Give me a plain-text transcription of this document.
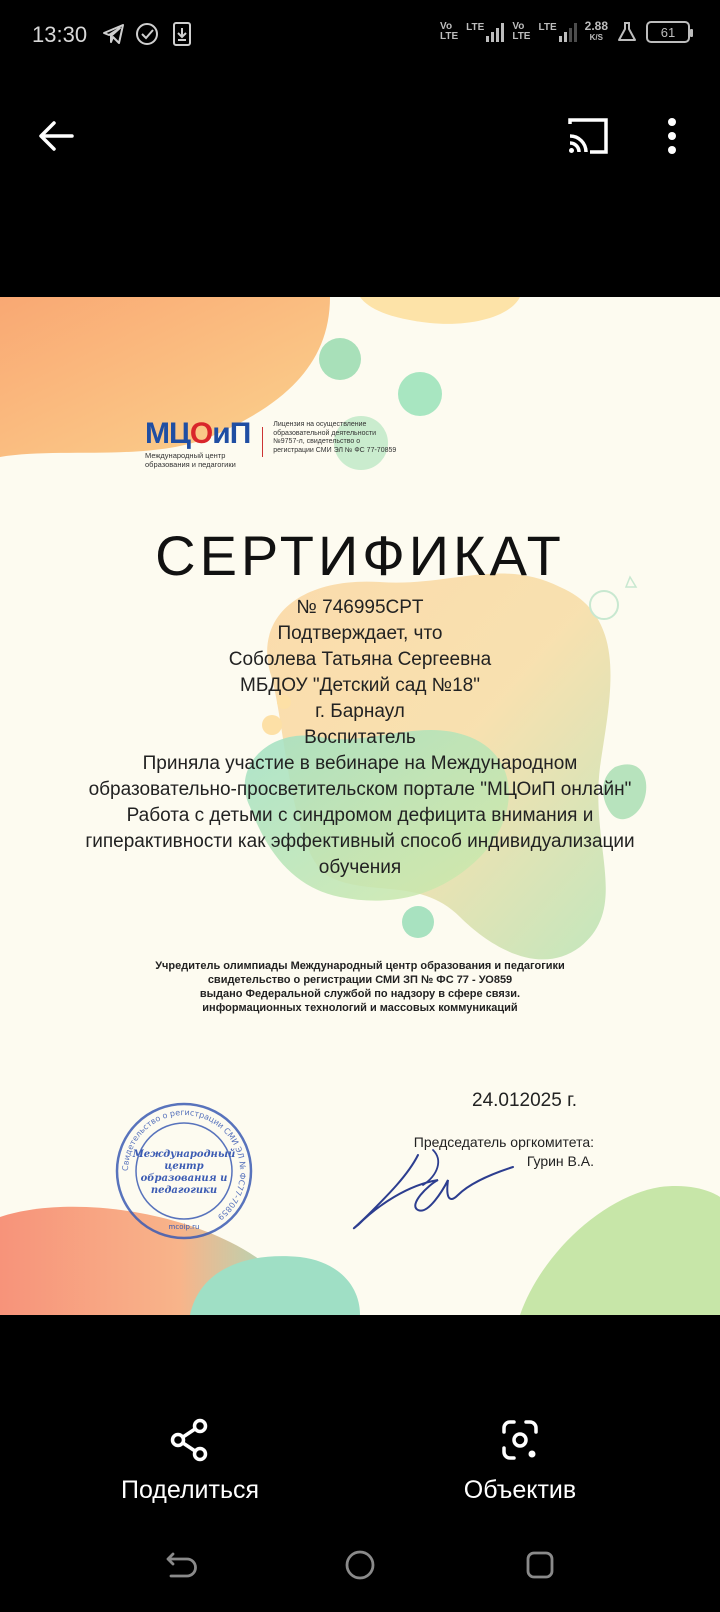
13:30	Vo
LTE
LTE	Vo
LTE
LTE 2.88
K/S	61
МЦОиП
Международный центр
образования и педагогики
Лицензия на осуществление образовательной деятельности №9757-л, свидетельство о регистрации СМИ ЭЛ № ФС 77-70859
СЕРТИФИКАТ
№ 746995CPT
Подтверждает, что
Соболева Татьяна Сергеевна
МБДОУ "Детский сад №18"
г. Барнаул
Воспитатель
Приняла участие в вебинаре на Международном
образовательно-просветительском портале "МЦОиП онлайн"
Работа с детьми с синдромом дефицита внимания и
гиперактивности как эффективный способ индивидуализации
обучения
Учредитель олимпиады Международный центр образования и педагогики
свидетельство о регистрации СМИ ЗП № ФС 77 - УО859
выдано Федеральной службой по надзору в сфере связи.
информационных технологий и массовых коммуникаций
24.012025 г.
Председатель оргкомитета:
Гурин В.А.
Свидетельство о регистрации СМИ ЭЛ № ФС77-70859
Международный
центр
образования и
педагогики
mcoip.ru
Поделиться	Объектив
